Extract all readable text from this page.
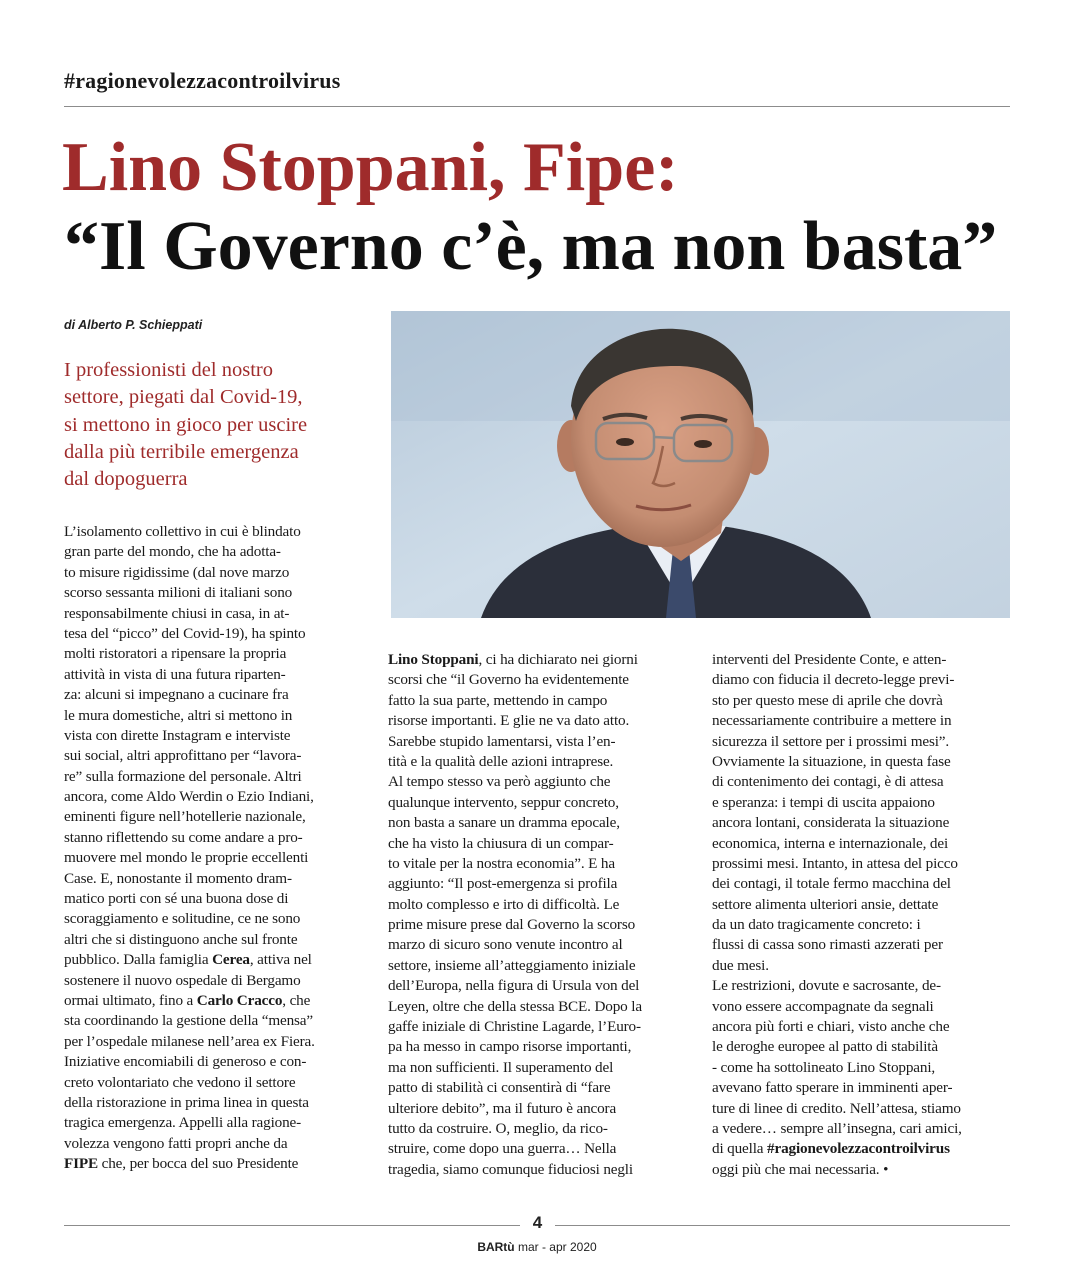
#ragionevolezzacontroilvirus
Lino Stoppani, Fipe:
“Il Governo c’è, ma non basta”
di Alberto P. Schieppati
I professionisti del nostro
settore, piegati dal Covid-19,
si mettono in gioco per uscire
dalla più terribile emergenza
dal dopoguerra
L’isolamento collettivo in cui è blindato
gran parte del mondo, che ha adotta-
to misure rigidissime (dal nove marzo
scorso sessanta milioni di italiani sono
responsabilmente chiusi in casa, in at-
tesa del “picco” del Covid-19), ha spinto
molti ristoratori a ripensare la propria
attività in vista di una futura riparten-
za: alcuni si impegnano a cucinare fra
le mura domestiche, altri si mettono in
vista con dirette Instagram e interviste
sui social, altri approfittano per “lavora-
re” sulla formazione del personale. Altri
ancora, come Aldo Werdin o Ezio Indiani,
eminenti figure nell’hotellerie nazionale,
stanno riflettendo su come andare a pro-
muovere mel mondo le proprie eccellenti
Case. E, nonostante il momento dram-
matico porti con sé una buona dose di
scoraggiamento e solitudine, ce ne sono
altri che si distinguono anche sul fronte
pubblico. Dalla famiglia Cerea, attiva nel
sostenere il nuovo ospedale di Bergamo
ormai ultimato, fino a Carlo Cracco, che
sta coordinando la gestione della “mensa”
per l’ospedale milanese nell’area ex Fiera.
Iniziative encomiabili di generoso e con-
creto volontariato che vedono il settore
della ristorazione in prima linea in questa
tragica emergenza. Appelli alla ragione-
volezza vengono fatti propri anche da
FIPE che, per bocca del suo Presidente
Lino Stoppani, ci ha dichiarato nei giorni
scorsi che “il Governo ha evidentemente
fatto la sua parte, mettendo in campo
risorse importanti. E glie ne va dato atto.
Sarebbe stupido lamentarsi, vista l’en-
tità e la qualità delle azioni intraprese.
Al tempo stesso va però aggiunto che
qualunque intervento, seppur concreto,
non basta a sanare un dramma epocale,
che ha visto la chiusura di un compar-
to vitale per la nostra economia”. E ha
aggiunto: “Il post-emergenza si profila
molto complesso e irto di difficoltà. Le
prime misure prese dal Governo la scorso
marzo di sicuro sono venute incontro al
settore, insieme all’atteggiamento iniziale
dell’Europa, nella figura di Ursula von del
Leyen, oltre che della stessa BCE. Dopo la
gaffe iniziale di Christine Lagarde, l’Euro-
pa ha messo in campo risorse importanti,
ma non sufficienti. Il superamento del
patto di stabilità ci consentirà di “fare
ulteriore debito”, ma il futuro è ancora
tutto da costruire. O, meglio, da rico-
struire, come dopo una guerra… Nella
tragedia, siamo comunque fiduciosi negli
interventi del Presidente Conte, e atten-
diamo con fiducia il decreto-legge previ-
sto per questo mese di aprile che dovrà
necessariamente contribuire a mettere in
sicurezza il settore per i prossimi mesi”.
Ovviamente la situazione, in questa fase
di contenimento dei contagi, è di attesa
e speranza: i tempi di uscita appaiono
ancora lontani, considerata la situazione
economica, interna e internazionale, dei
prossimi mesi. Intanto, in attesa del picco
dei contagi, il totale fermo macchina del
settore alimenta ulteriori ansie, dettate
da un dato tragicamente concreto: i
flussi di cassa sono rimasti azzerati per
due mesi.
Le restrizioni, dovute e sacrosante, de-
vono essere accompagnate da segnali
ancora più forti e chiari, visto anche che
le deroghe europee al patto di stabilità
- come ha sottolineato Lino Stoppani,
avevano fatto sperare in imminenti aper-
ture di linee di credito. Nell’attesa, stiamo
a vedere… sempre all’insegna, cari amici,
di quella #ragionevolezzacontroilvirus
oggi più che mai necessaria. •
4
BARtù mar - apr 2020
